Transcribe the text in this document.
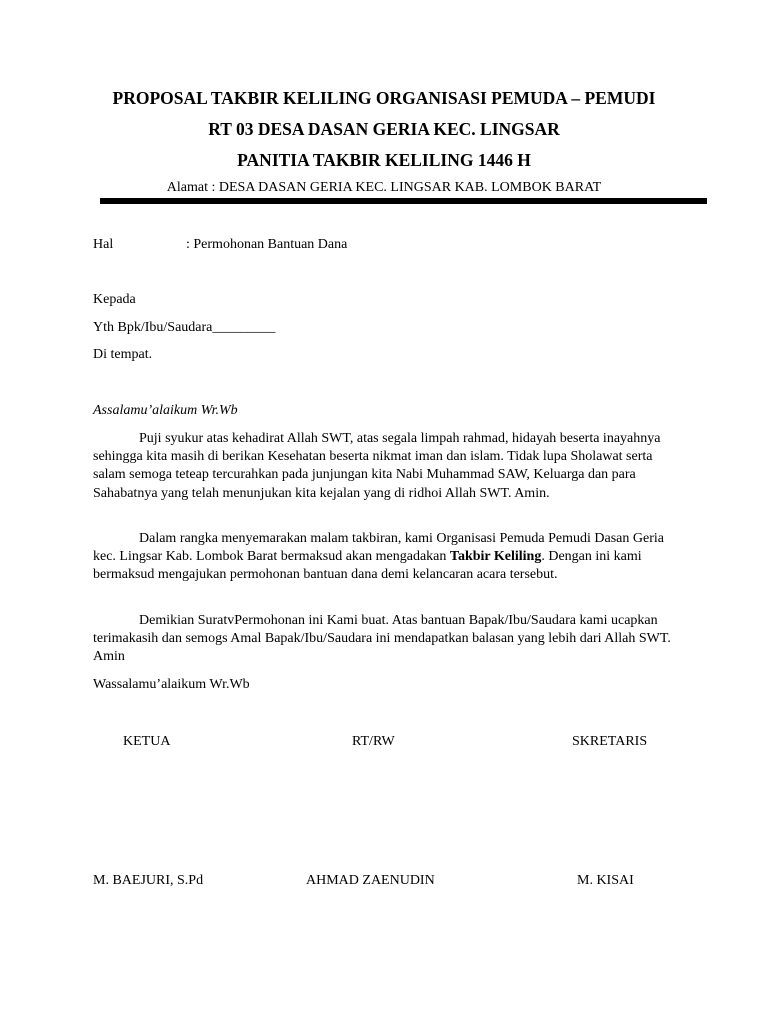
PROPOSAL TAKBIR KELILING ORGANISASI PEMUDA – PEMUDI
RT 03 DESA DASAN GERIA KEC. LINGSAR
PANITIA TAKBIR KELILING 1446 H
Alamat : DESA DASAN GERIA KEC. LINGSAR KAB. LOMBOK BARAT
Hal	: Permohonan Bantuan Dana
Kepada
Yth Bpk/Ibu/Saudara_________
Di tempat.
Assalamu’alaikum Wr.Wb
Puji syukur atas kehadirat Allah SWT, atas segala limpah rahmad, hidayah beserta inayahnya sehingga kita masih di berikan Kesehatan beserta nikmat iman dan islam. Tidak lupa Sholawat serta salam semoga teteap tercurahkan pada junjungan kita Nabi Muhammad SAW, Keluarga dan para Sahabatnya yang telah menunjukan kita kejalan yang di ridhoi Allah SWT. Amin.
Dalam rangka menyemarakan malam takbiran, kami Organisasi Pemuda Pemudi Dasan Geria kec. Lingsar Kab. Lombok Barat bermaksud akan mengadakan Takbir Keliling. Dengan ini kami bermaksud mengajukan permohonan bantuan dana demi kelancaran acara tersebut.
Demikian SuratvPermohonan ini Kami buat. Atas bantuan Bapak/Ibu/Saudara kami ucapkan terimakasih dan semogs Amal Bapak/Ibu/Saudara ini mendapatkan balasan yang lebih dari Allah SWT. Amin
Wassalamu’alaikum Wr.Wb
KETUA	RT/RW	SKRETARIS
M. BAEJURI, S.Pd	AHMAD ZAENUDIN	M. KISAI
